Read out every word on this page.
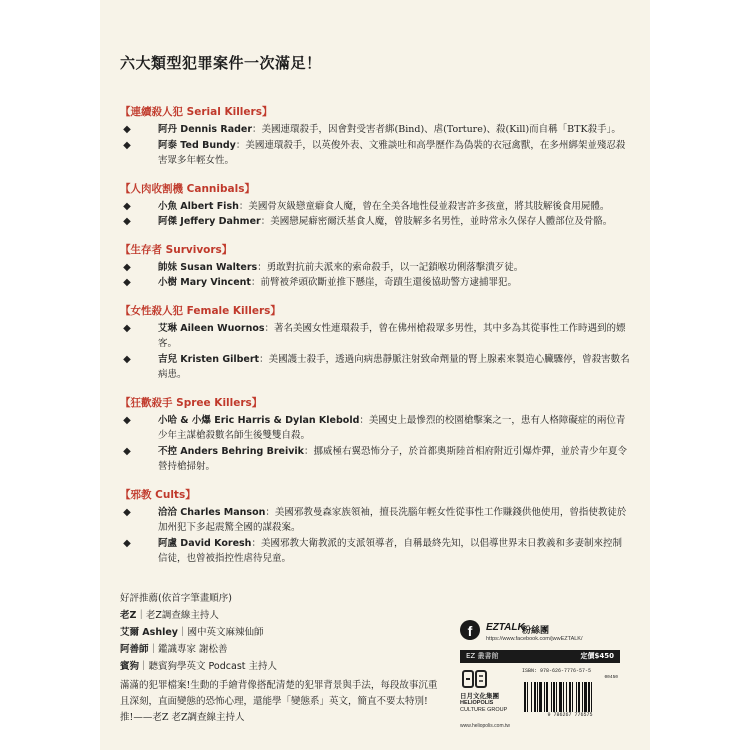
六大類型犯罪案件一次滿足！
【連續殺人犯 Serial Killers】
◆	阿丹 Dennis Rader：美國連環殺手，因會對受害者綁(Bind)、虐(Torture)、殺(Kill)而自稱「BTK殺手」。
◆	阿泰 Ted Bundy：美國連環殺手，以英俊外表、文雅談吐和高學歷作為偽裝的衣冠禽獸，在多州綁架並殘忍殺害眾多年輕女性。
【人肉收割機 Cannibals】
◆	小魚 Albert Fish：美國骨灰級戀童癖食人魔，曾在全美各地性侵並殺害許多孩童，將其肢解後食用屍體。
◆	阿傑 Jeffery Dahmer：美國戀屍癖密爾沃基食人魔，曾肢解多名男性，並時常永久保存人體部位及骨骼。
【生存者 Survivors】
◆	帥妹 Susan Walters：勇敢對抗前夫派來的索命殺手，以一記鎖喉功俐落擊潰歹徒。
◆	小樹 Mary Vincent：前臂被斧頭砍斷並推下懸崖，奇蹟生還後協助警方逮捕罪犯。
【女性殺人犯 Female Killers】
◆	艾琳 Aileen Wuornos：著名美國女性連環殺手，曾在佛州槍殺眾多男性，其中多為其從事性工作時遇到的嫖客。
◆	吉兒 Kristen Gilbert：美國護士殺手，透過向病患靜脈注射致命劑量的腎上腺素來製造心臟驟停，曾殺害數名病患。
【狂歡殺手 Spree Killers】
◆	小哈 & 小爆 Eric Harris & Dylan Klebold：美國史上最慘烈的校園槍擊案之一，患有人格障礙症的兩位青少年主謀槍殺數名師生後雙雙自殺。
◆	不控 Anders Behring Breivik：挪威極右翼恐怖分子，於首都奧斯陸首相府附近引爆炸彈，並於青少年夏令營持槍掃射。
【邪教 Cults】
◆	洽洽 Charles Manson：美國邪教曼森家族領袖，擅長洗腦年輕女性從事性工作賺錢供他使用，曾指使教徒於加州犯下多起震驚全國的謀殺案。
◆	阿盧 David Koresh：美國邪教大衛教派的支派領導者，自稱最終先知，以倡導世界末日教義和多妻制來控制信徒，也曾被指控性虐待兒童。
好評推薦(依首字筆畫順序)
老Z｜老Z調查線主持人
艾爾 Ashley｜國中英文麻辣仙師
阿善師｜鑑識專家 謝松善
賓狗｜聽賓狗學英文 Podcast 主持人
滿滿的犯罪檔案!生動的手繪背像搭配清楚的犯罪背景與手法，每段故事沉重且深刻，直面變態的恐怖心理，還能學「變態系」英文，簡直不要太特別!推!——老Z 老Z調查線主持人
f	EZTALK
粉絲團
https://www.facebook.com/jwwEZTALK/
EZ 叢書館	定價$450
日月文化集團
HELIOPOLIS
CULTURE GROUP
ISBN: 978-626-7776-57-5
00450
9 786267 776575
www.heliopolis.com.tw
